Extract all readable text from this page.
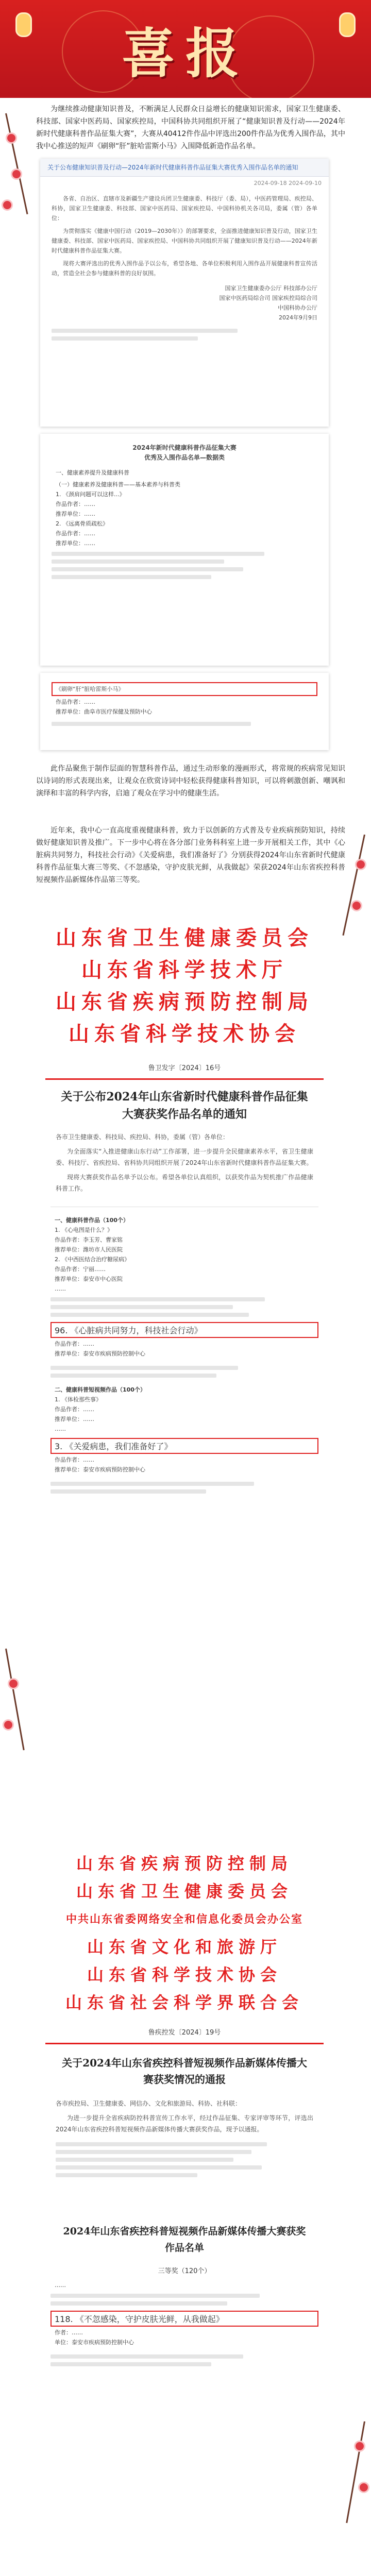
喜报

为继续推动健康知识普及，不断满足人民群众日益增长的健康知识需求，国家卫生健康委、科技部、国家中医药局、国家疾控局，中国科协共同组织开展了“健康知识普及行动——2024年新时代健康科普作品征集大赛”，大赛从40412件作品中评选出200件作品为优秀入围作品，其中我中心推送的短声《刷卵“肝”脏哈雷斯小马》入围降低新造作品名单。

关于公布健康知识普及行动—2024年新时代健康科普作品征集大赛优秀入围作品名单的通知
2024-09-18 2024-09-10

各省、自治区、直辖市及新疆生产建设兵团卫生健康委、科技厅（委、局），中医药管理局、疾控局、科协，国家卫生健康委、科技部、国家中医药局、国家疾控局、中国科协机关各司局，委属（管）各单位：

为贯彻落实《健康中国行动（2019—2030年）》的部署要求，全面推进健康知识普及行动，国家卫生健康委、科技部、国家中医药局、国家疾控局、中国科协共同组织开展了健康知识普及行动——2024年新时代健康科普作品征集大赛。

现将大赛评选出的优秀入围作品予以公布，希望各地、各单位积极利用入围作品开展健康科普宣传活动，营造全社会参与健康科普的良好氛围。

国家卫生健康委办公厅 科技部办公厅
国家中医药局综合司 国家疾控局综合司
中国科协办公厅
2024年9月9日
2024年新时代健康科普作品征集大赛
优秀及入围作品名单—数据类
一、健康素养提升及健康科普
（一）健康素养及健康科普——基本素养与科普类
1. 《颈肩问题可以这样...》
作品作者：……
推荐单位：……
2. 《远离骨质疏松》
作品作者：……
推荐单位：……
《刷卵“肝”脏哈雷斯小马》
作品作者：……
推荐单位：曲阜市医疗保健及预防中心

此作品聚焦于制作层面的智慧科普作品，通过生动形象的漫画形式，将常规的疾病常见知识以诗词的形式表现出来，让观众在欣赏诗词中轻松获得健康科普知识，可以将刺激创新、嘲讽和演绎和丰富的科学内容，启迪了观众在学习中的健康生活。

近年来，我中心一直高度重视健康科普，致力于以创新的方式普及专业疾病预防知识，持续做好健康知识普及推广。下一步中心将在各分部门业务科科室上进一步开展相关工作，其中《心脏病共同努力，科技社会行动》《关爱病患，我们准备好了》分别获得2024年山东省新时代健康科普作品征集大赛三等奖、《不忽感染，守护皮肤光鲜，从我做起》荣获2024年山东省疾控科普短视频作品新媒体作品第三等奖。

山东省卫生健康委员会
山东省科学技术厅
山东省疾病预防控制局
山东省科学技术协会
鲁卫发字〔2024〕16号
关于公布2024年山东省新时代健康科普作品征集大赛获奖作品名单的通知

各市卫生健康委、科技局、疾控局、科协，委属（管）各单位：

为全面落实“入推进健康山东行动”工作部署，进一步提升全民健康素养水平，省卫生健康委、科技厅、省疾控局、省科协共同组织开展了2024年山东省新时代健康科普作品征集大赛。

现将大赛获奖作品名单予以公布。希望各单位认真组织，以获奖作品为契机推广作品健康科普工作。

一、健康科普作品（100个）
1. 《心电图是什么？》
作品作者：李玉芳、曹家铭
推荐单位：潍坊市人民医院
2. 《中西医结合治疗糖尿病》
作品作者：宁丽……
推荐单位：泰安市中心医院
……
96. 《心脏病共同努力，科技社会行动》
作品作者：……
推荐单位：泰安市疾病预防控制中心
二、健康科普短视频作品（100个）
1. 《体检那些事》
作品作者：……
推荐单位：……
……
3. 《关爱病患，我们准备好了》
作品作者：……
推荐单位：泰安市疾病预防控制中心
山东省疾病预防控制局
山东省卫生健康委员会
中共山东省委网络安全和信息化委员会办公室
山东省文化和旅游厅
山东省科学技术协会
山东省社会科学界联合会
鲁疾控发〔2024〕19号
关于2024年山东省疾控科普短视频作品新媒体传播大赛获奖情况的通报

各市疾控局、卫生健康委、网信办、文化和旅游局、科协、社科联：

为进一步提升全省疾病防控科普宣传工作水平，经过作品征集、专家评审等环节，评选出2024年山东省疾控科普短视频作品新媒体传播大赛获奖作品，现予以通报。

2024年山东省疾控科普短视频作品新媒体传播大赛获奖作品名单
三等奖（120个）
……
118. 《不忽感染，守护皮肤光鲜，从我做起》
作者：……
单位：泰安市疾病预防控制中心
